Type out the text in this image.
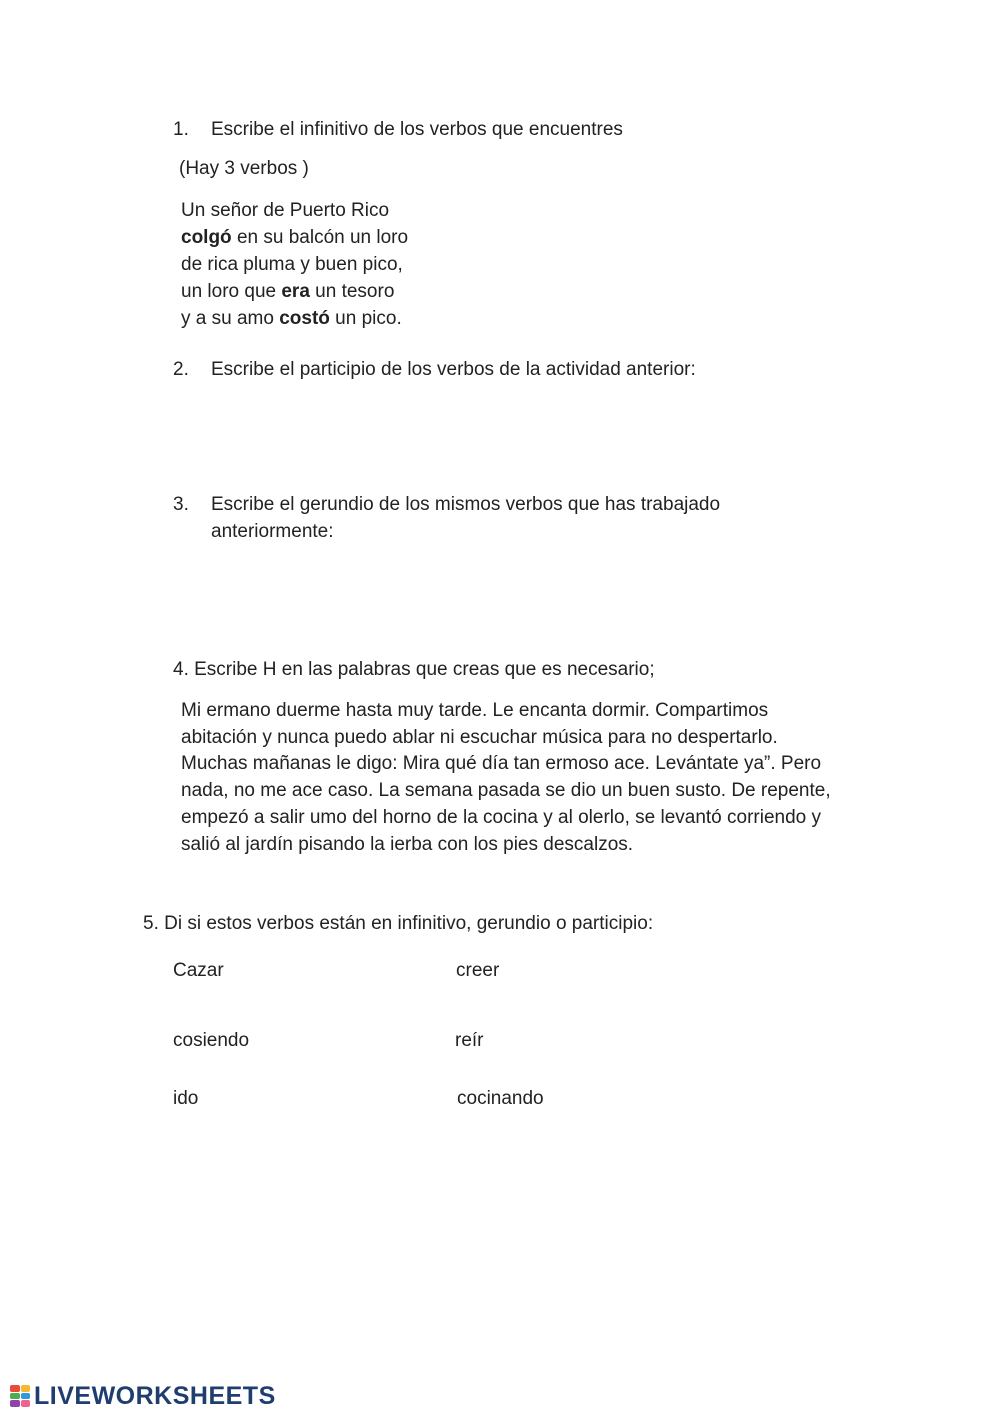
1. Escribe el infinitivo de los verbos que encuentres
(Hay 3 verbos )
Un señor de Puerto Rico
colgó en su balcón un loro
de rica pluma y buen pico,
un loro que era un tesoro
y a su amo costó un pico.
2. Escribe el participio de los verbos de la actividad anterior:
3. Escribe el gerundio de los mismos verbos que has trabajado
anteriormente:
4. Escribe H en las palabras que creas que es necesario;
Mi ermano duerme hasta muy tarde. Le encanta dormir. Compartimos
abitación y nunca puedo ablar ni escuchar música para no despertarlo.
Muchas mañanas le digo: Mira qué día tan ermoso ace. Levántate ya”. Pero
nada, no me ace caso. La semana pasada se dio un buen susto. De repente,
empezó a salir umo del horno de la cocina y al olerlo, se levantó corriendo y
salió al jardín pisando la ierba con los pies descalzos.
5. Di si estos verbos están en infinitivo, gerundio o participio:
Cazar	creer
cosiendo	reír
ido	cocinando
LIVEWORKSHEETS
